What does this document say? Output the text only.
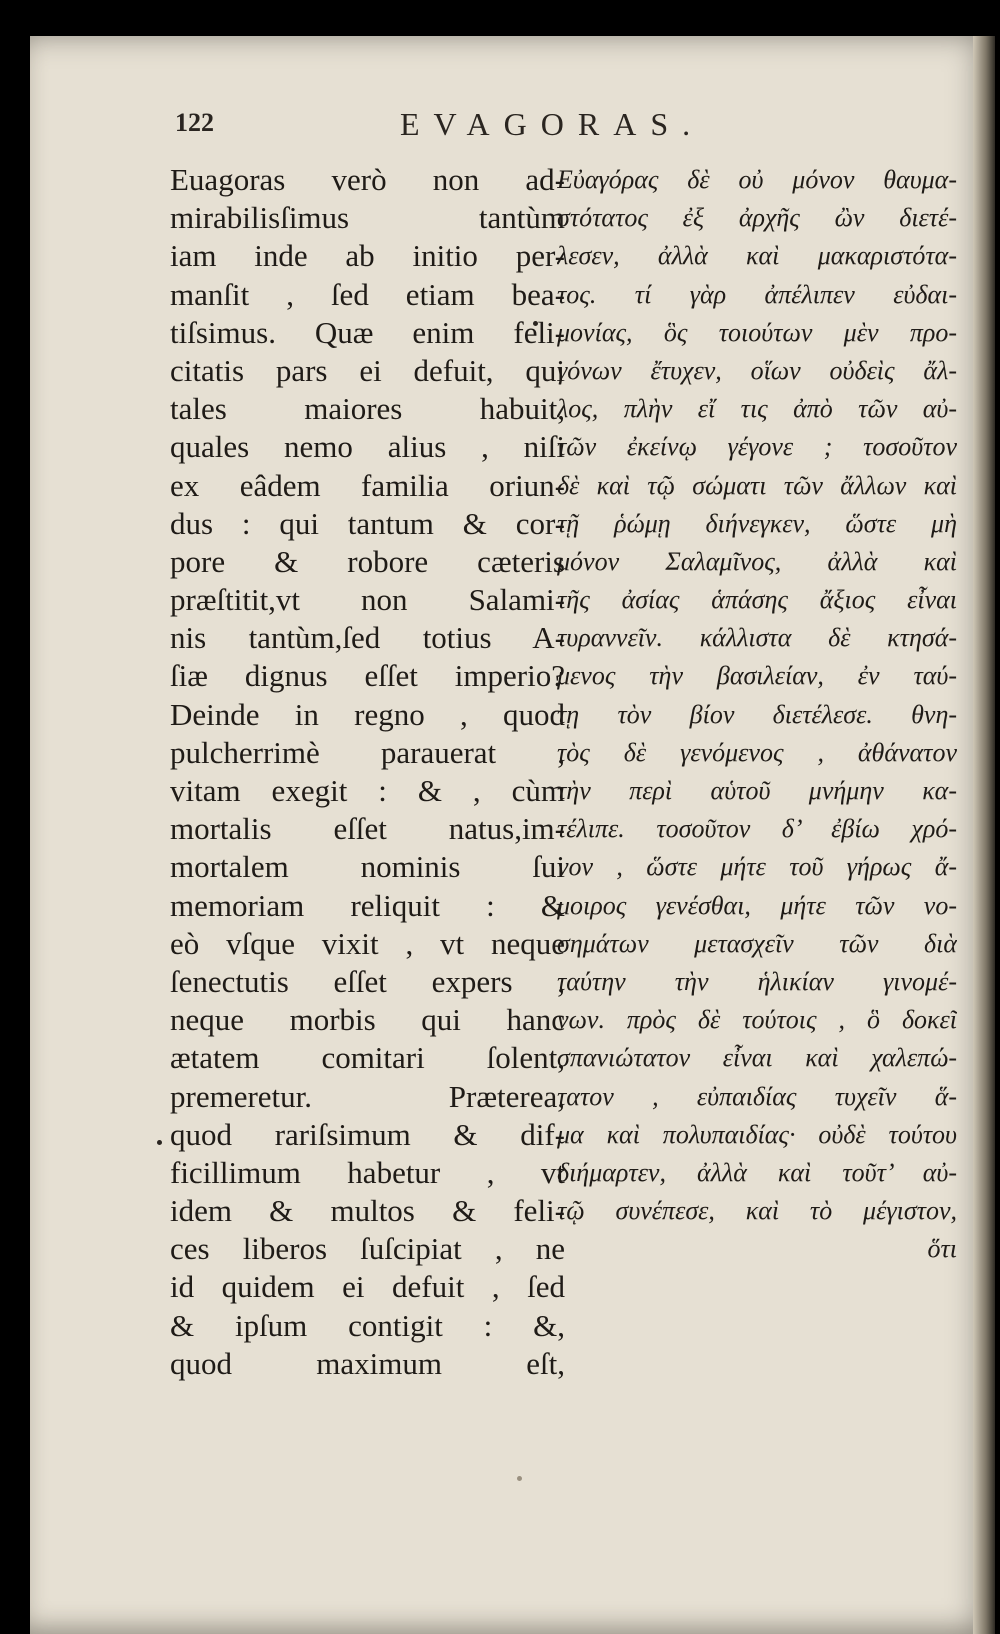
122	EVAGORAS.
Euagoras verò non ad-
mirabilisſimus tantùm
iam inde ab initio per-
manſit , ſed etiam bea-
tiſsimus. Quæ enim feli-
citatis pars ei defuit, qui
tales maiores habuit,
quales nemo alius , niſi
ex eâdem familia oriun-
dus : qui tantum & cor-
pore & robore cæteris
præſtitit,vt non Salami-
nis tantùm,ſed totius A-
ſiæ dignus eſſet imperio?
Deinde in regno , quod
pulcherrimè parauerat ,
vitam exegit : & , cùm
mortalis eſſet natus,im-
mortalem nominis ſui
memoriam reliquit : &
eò vſque vixit , vt neque
ſenectutis eſſet expers ,
neque morbis qui hanc
ætatem comitari ſolent,
premeretur. Præterea,
quod rariſsimum & dif-
ficillimum habetur , vt
idem & multos & feli-
ces liberos ſuſcipiat , ne
id quidem ei defuit , ſed
& ipſum contigit : &,
quod maximum eſt,
Εὐαγόρας δὲ οὐ μόνον θαυμα-
στότατος ἐξ ἀρχῆς ὢν διετέ-
λεσεν, ἀλλὰ καὶ μακαριστότα-
τος. τί γὰρ ἀπέλιπεν εὐδαι-
μονίας, ὃς τοιούτων μὲν προ-
γόνων ἔτυχεν, οἵων οὐδεὶς ἄλ-
λος, πλὴν εἴ τις ἀπὸ τῶν αὐ-
τῶν ἐκείνῳ γέγονε ; τοσοῦτον
δὲ καὶ τῷ σώματι τῶν ἄλλων καὶ
τῇ ῥώμῃ διήνεγκεν, ὥστε μὴ
μόνον Σαλαμῖνος, ἀλλὰ καὶ
τῆς ἀσίας ἁπάσης ἄξιος εἶναι
τυραννεῖν. κάλλιστα δὲ κτησά-
μενος τὴν βασιλείαν, ἐν ταύ-
τῃ τὸν βίον διετέλεσε. θνη-
τὸς δὲ γενόμενος , ἀθάνατον
τὴν περὶ αὑτοῦ μνήμην κα-
τέλιπε. τοσοῦτον δ’ ἐβίω χρό-
νον , ὥστε μήτε τοῦ γήρως ἄ-
μοιρος γενέσθαι, μήτε τῶν νο-
σημάτων μετασχεῖν τῶν διὰ
ταύτην τὴν ἡλικίαν γινομέ-
νων. πρὸς δὲ τούτοις , ὃ δοκεῖ
σπανιώτατον εἶναι καὶ χαλεπώ-
τατον , εὐπαιδίας τυχεῖν ἅ-
μα καὶ πολυπαιδίας· οὐδὲ τούτου
διήμαρτεν, ἀλλὰ καὶ τοῦτ’ αὐ-
τῷ συνέπεσε, καὶ τὸ μέγιστον,
ὅτι
